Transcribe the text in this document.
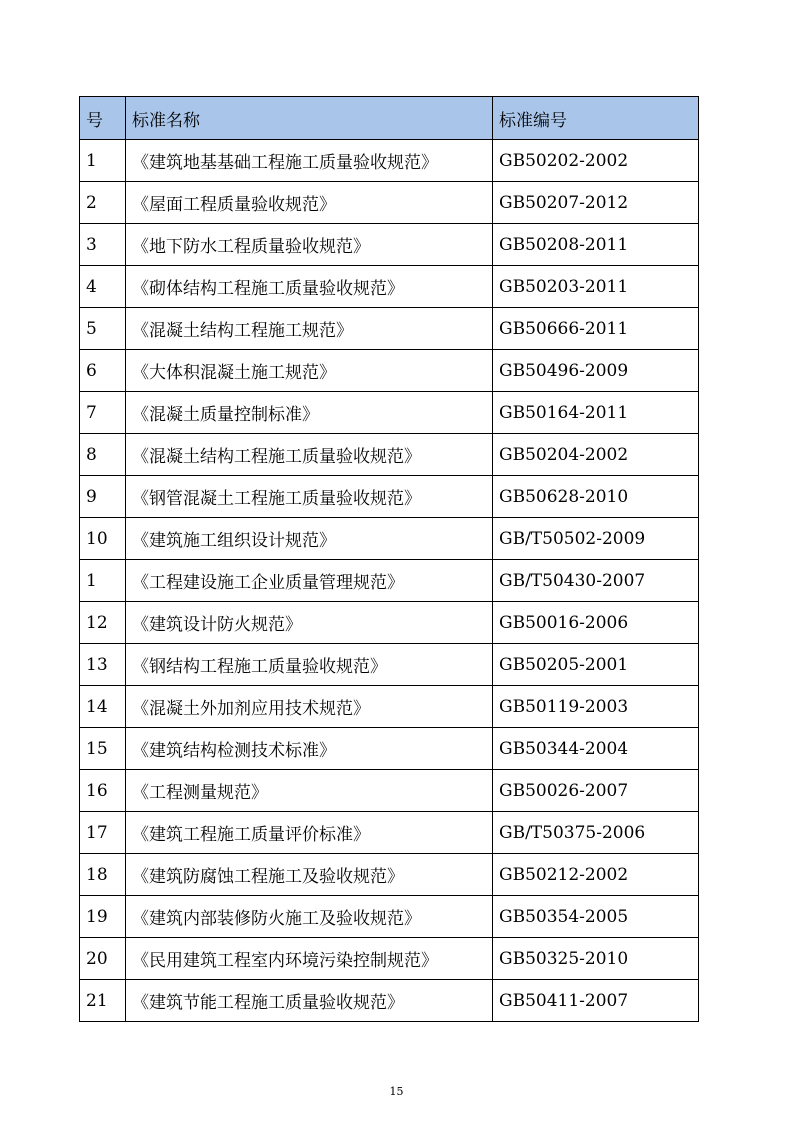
号	标准名称	标准编号
1	《建筑地基基础工程施工质量验收规范》	GB50202-2002
2	《屋面工程质量验收规范》	GB50207-2012
3	《地下防水工程质量验收规范》	GB50208-2011
4	《砌体结构工程施工质量验收规范》	GB50203-2011
5	《混凝土结构工程施工规范》	GB50666-2011
6	《大体积混凝土施工规范》	GB50496-2009
7	《混凝土质量控制标准》	GB50164-2011
8	《混凝土结构工程施工质量验收规范》	GB50204-2002
9	《钢管混凝土工程施工质量验收规范》	GB50628-2010
10	《建筑施工组织设计规范》	GB/T50502-2009
1	《工程建设施工企业质量管理规范》	GB/T50430-2007
12	《建筑设计防火规范》	GB50016-2006
13	《钢结构工程施工质量验收规范》	GB50205-2001
14	《混凝土外加剂应用技术规范》	GB50119-2003
15	《建筑结构检测技术标准》	GB50344-2004
16	《工程测量规范》	GB50026-2007
17	《建筑工程施工质量评价标准》	GB/T50375-2006
18	《建筑防腐蚀工程施工及验收规范》	GB50212-2002
19	《建筑内部装修防火施工及验收规范》	GB50354-2005
20	《民用建筑工程室内环境污染控制规范》	GB50325-2010
21	《建筑节能工程施工质量验收规范》	GB50411-2007
15
